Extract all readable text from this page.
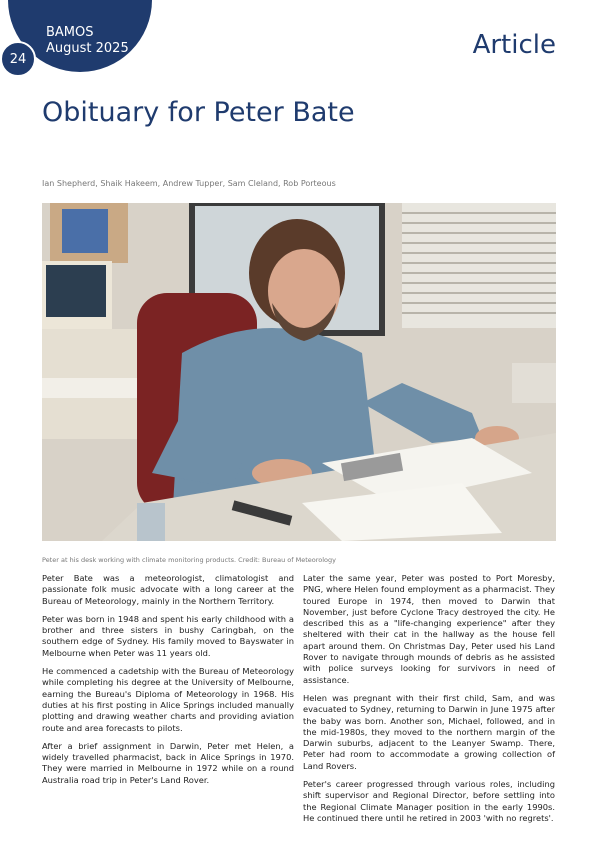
BAMOS
August 2025
24	Article
Obituary for Peter Bate
Ian Shepherd, Shaik Hakeem, Andrew Tupper, Sam Cleland, Rob Porteous
Peter at his desk working with climate monitoring products. Credit: Bureau of Meteorology

Peter Bate was a meteorologist, climatologist and passionate folk music advocate with a long career at the Bureau of Meteorology, mainly in the Northern Territory.

Peter was born in 1948 and spent his early childhood with a brother and three sisters in bushy Caringbah, on the southern edge of Sydney. His family moved to Bayswater in Melbourne when Peter was 11 years old.

He commenced a cadetship with the Bureau of Meteorology while completing his degree at the University of Melbourne, earning the Bureau's Diploma of Meteorology in 1968. His duties at his first posting in Alice Springs included manually plotting and drawing weather charts and providing aviation route and area forecasts to pilots.

After a brief assignment in Darwin, Peter met Helen, a widely travelled pharmacist, back in Alice Springs in 1970. They were married in Melbourne in 1972 while on a round Australia road trip in Peter's Land Rover.

Later the same year, Peter was posted to Port Moresby, PNG, where Helen found employment as a pharmacist. They toured Europe in 1974, then moved to Darwin that November, just before Cyclone Tracy destroyed the city. He described this as a "life-changing experience" after they sheltered with their cat in the hallway as the house fell apart around them. On Christmas Day, Peter used his Land Rover to navigate through mounds of debris as he assisted with police surveys looking for survivors in need of assistance.

Helen was pregnant with their first child, Sam, and was evacuated to Sydney, returning to Darwin in June 1975 after the baby was born. Another son, Michael, followed, and in the mid-1980s, they moved to the northern margin of the Darwin suburbs, adjacent to the Leanyer Swamp. There, Peter had room to accommodate a growing collection of Land Rovers.

Peter's career progressed through various roles, including shift supervisor and Regional Director, before settling into the Regional Climate Manager position in the early 1990s. He continued there until he retired in 2003 'with no regrets'.
